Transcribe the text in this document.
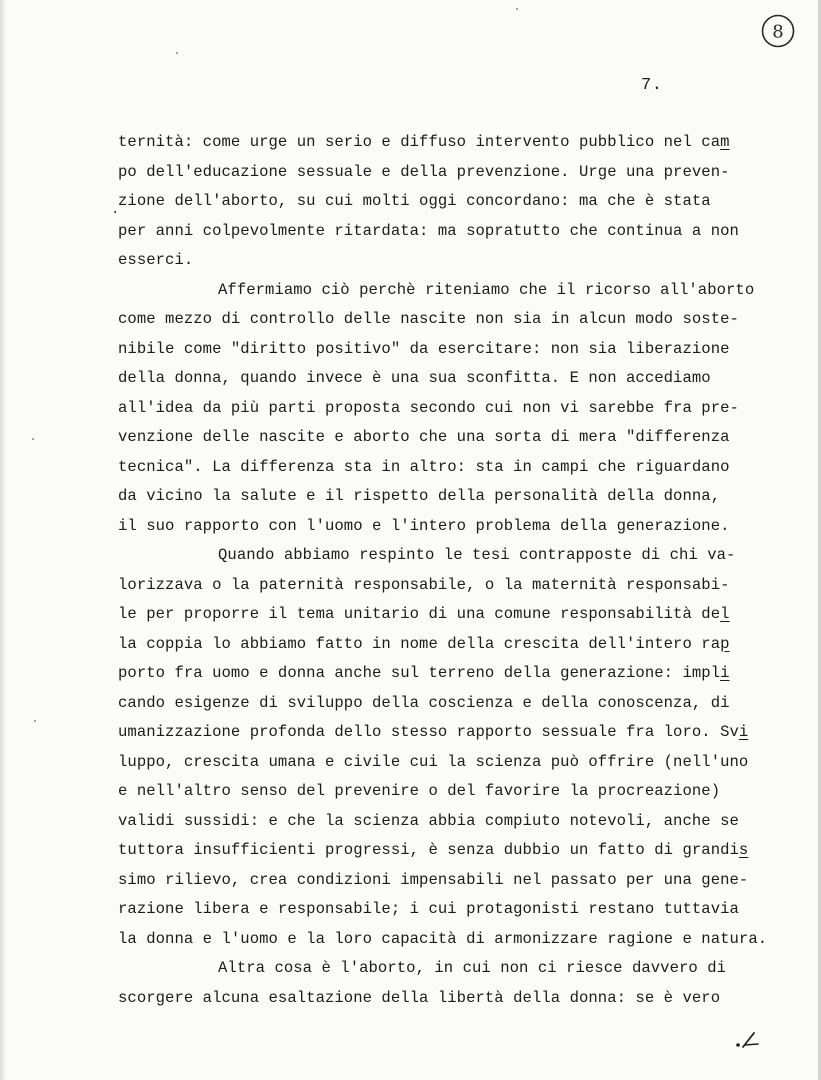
8
7.
·
ternità: come urge un serio e diffuso intervento pubblico nel cam
po dell'educazione sessuale e della prevenzione. Urge una preven-
zione dell'aborto, su cui molti oggi concordano: ma che è stata
per anni colpevolmente ritardata: ma sopratutto che continua a non
esserci.
Affermiamo ciò perchè riteniamo che il ricorso all'aborto
come mezzo di controllo delle nascite non sia in alcun modo soste-
nibile come "diritto positivo" da esercitare: non sia liberazione
della donna, quando invece è una sua sconfitta. E non accediamo
all'idea da più parti proposta secondo cui non vi sarebbe fra pre-
venzione delle nascite e aborto che una sorta di mera "differenza
tecnica". La differenza sta in altro: sta in campi che riguardano
da vicino la salute e il rispetto della personalità della donna,
il suo rapporto con l'uomo e l'intero problema della generazione.
Quando abbiamo respinto le tesi contrapposte di chi va-
lorizzava o la paternità responsabile, o la maternità responsabi-
le per proporre il tema unitario di una comune responsabilità del
la coppia lo abbiamo fatto in nome della crescita dell'intero rap
porto fra uomo e donna anche sul terreno della generazione: impli
cando esigenze di sviluppo della coscienza e della conoscenza, di
umanizzazione profonda dello stesso rapporto sessuale fra loro. Svi
luppo, crescita umana e civile cui la scienza può offrire (nell'uno
e nell'altro senso del prevenire o del favorire la procreazione)
validi sussidi: e che la scienza abbia compiuto notevoli, anche se
tuttora insufficienti progressi, è senza dubbio un fatto di grandis
simo rilievo, crea condizioni impensabili nel passato per una gene-
razione libera e responsabile; i cui protagonisti restano tuttavia
la donna e l'uomo e la loro capacità di armonizzare ragione e natura.
Altra cosa è l'aborto, in cui non ci riesce davvero di
scorgere alcuna esaltazione della libertà della donna: se è vero
